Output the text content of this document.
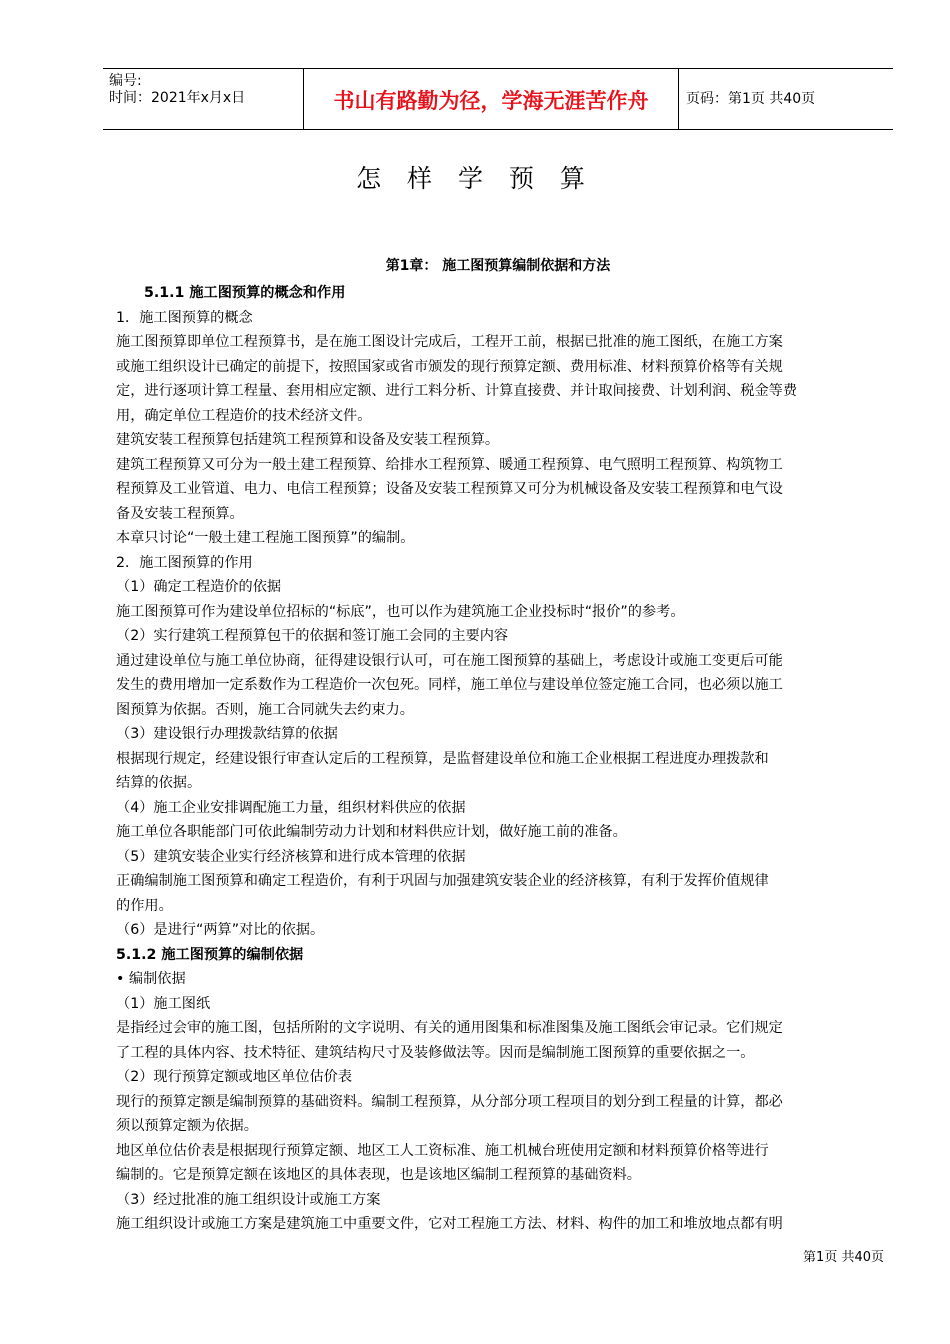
编号:
时间：2021年x月x日	书山有路勤为径，学海无涯苦作舟	页码：第1页 共40页
怎 样 学 预 算
第1章： 施工图预算编制依据和方法
5.1.1 施工图预算的概念和作用
1．施工图预算的概念
施工图预算即单位工程预算书，是在施工图设计完成后，工程开工前，根据已批准的施工图纸，在施工方案
或施工组织设计已确定的前提下，按照国家或省市颁发的现行预算定额、费用标准、材料预算价格等有关规
定，进行逐项计算工程量、套用相应定额、进行工料分析、计算直接费、并计取间接费、计划利润、税金等费
用，确定单位工程造价的技术经济文件。
建筑安装工程预算包括建筑工程预算和设备及安装工程预算。
建筑工程预算又可分为一般土建工程预算、给排水工程预算、暖通工程预算、电气照明工程预算、构筑物工
程预算及工业管道、电力、电信工程预算；设备及安装工程预算又可分为机械设备及安装工程预算和电气设
备及安装工程预算。
本章只讨论“一般土建工程施工图预算”的编制。
2．施工图预算的作用
（1）确定工程造价的依据
施工图预算可作为建设单位招标的“标底”，也可以作为建筑施工企业投标时“报价”的参考。
（2）实行建筑工程预算包干的依据和签订施工会同的主要内容
通过建设单位与施工单位协商，征得建设银行认可，可在施工图预算的基础上，考虑设计或施工变更后可能
发生的费用增加一定系数作为工程造价一次包死。同样，施工单位与建设单位签定施工合同，也必须以施工
图预算为依据。否则，施工合同就失去约束力。
（3）建设银行办理拨款结算的依据
根据现行规定，经建设银行审查认定后的工程预算，是监督建设单位和施工企业根据工程进度办理拨款和
结算的依据。
（4）施工企业安排调配施工力量，组织材料供应的依据
施工单位各职能部门可依此编制劳动力计划和材料供应计划，做好施工前的准备。
（5）建筑安装企业实行经济核算和进行成本管理的依据
正确编制施工图预算和确定工程造价，有利于巩固与加强建筑安装企业的经济核算，有利于发挥价值规律
的作用。
（6）是进行“两算”对比的依据。
5.1.2 施工图预算的编制依据
• 编制依据
（1）施工图纸
是指经过会审的施工图，包括所附的文字说明、有关的通用图集和标准图集及施工图纸会审记录。它们规定
了工程的具体内容、技术特征、建筑结构尺寸及装修做法等。因而是编制施工图预算的重要依据之一。
（2）现行预算定额或地区单位估价表
现行的预算定额是编制预算的基础资料。编制工程预算，从分部分项工程项目的划分到工程量的计算，都必
须以预算定额为依据。
地区单位估价表是根据现行预算定额、地区工人工资标准、施工机械台班使用定额和材料预算价格等进行
编制的。它是预算定额在该地区的具体表现，也是该地区编制工程预算的基础资料。
（3）经过批准的施工组织设计或施工方案
施工组织设计或施工方案是建筑施工中重要文件，它对工程施工方法、材料、构件的加工和堆放地点都有明
第1页 共40页
